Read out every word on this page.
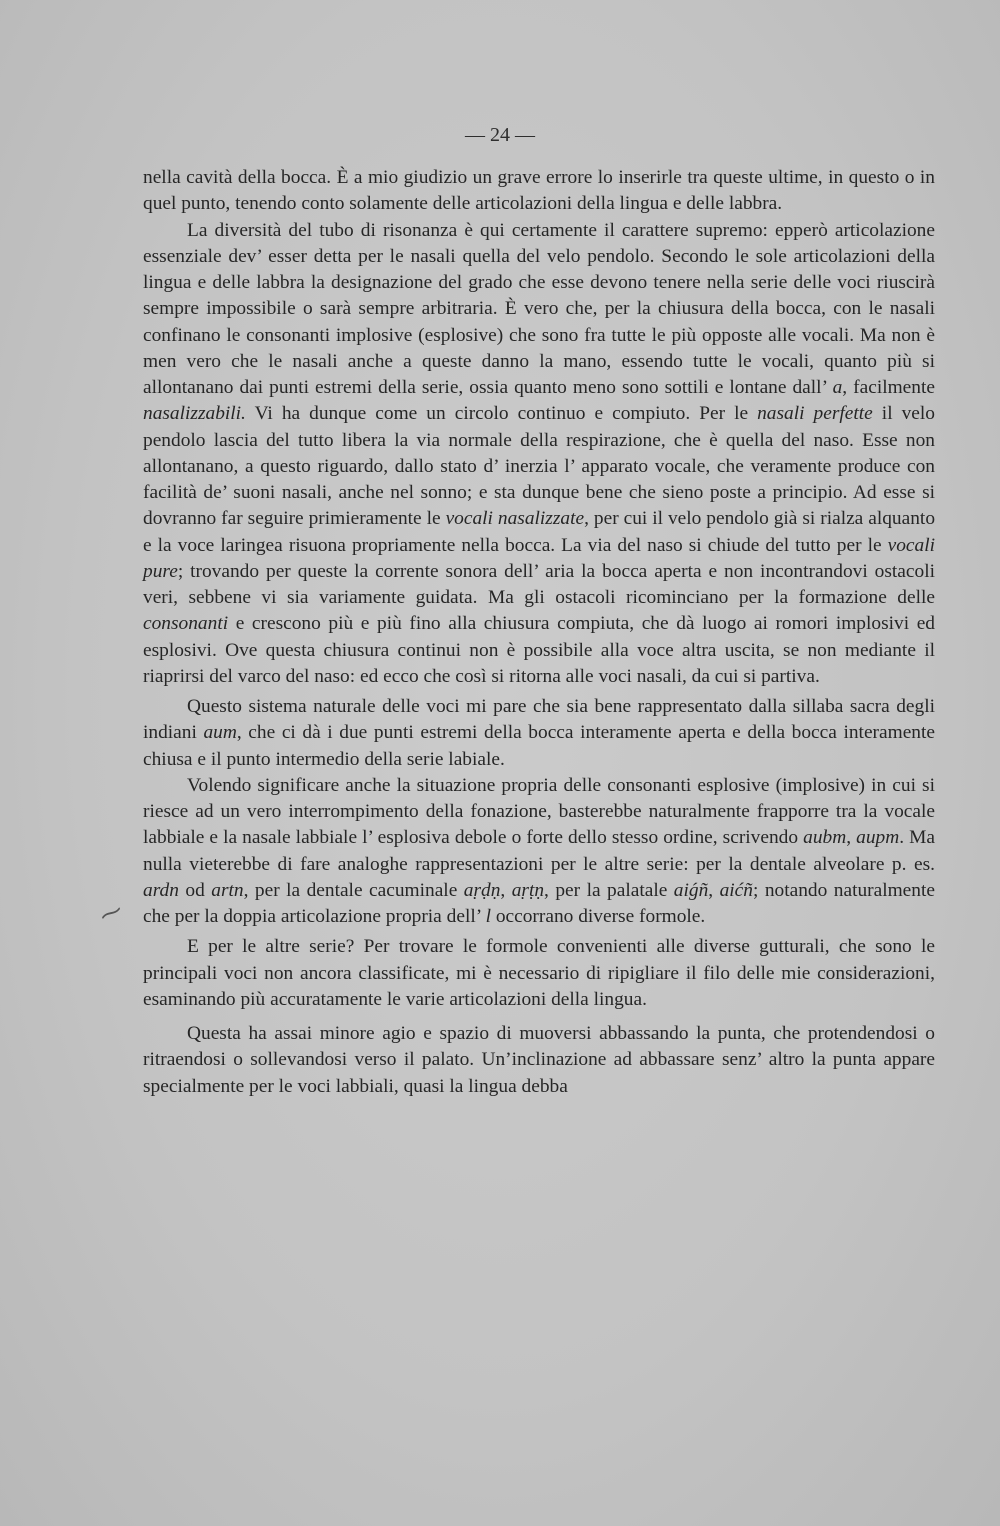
— 24 —
⁓

nella cavità della bocca. È a mio giudizio un grave errore lo inserirle tra queste ultime, in questo o in quel punto, tenendo conto solamente delle articolazioni della lingua e delle labbra.

La diversità del tubo di risonanza è qui certamente il carattere supremo: epperò articolazione essenziale dev’ esser detta per le nasali quella del velo pendolo. Secondo le sole articolazioni della lingua e delle labbra la designazione del grado che esse devono tenere nella serie delle voci riuscirà sempre impossibile o sarà sempre arbitraria. È vero che, per la chiusura della bocca, con le nasali confinano le consonanti implosive (esplosive) che sono fra tutte le più opposte alle vocali. Ma non è men vero che le nasali anche a queste danno la mano, essendo tutte le vocali, quanto più si allontanano dai punti estremi della serie, ossia quanto meno sono sottili e lontane dall’ a, facilmente nasalizzabili. Vi ha dunque come un circolo continuo e compiuto. Per le nasali perfette il velo pendolo lascia del tutto libera la via normale della respirazione, che è quella del naso. Esse non allontanano, a questo riguardo, dallo stato d’ inerzia l’ apparato vocale, che veramente produce con facilità de’ suoni nasali, anche nel sonno; e sta dunque bene che sieno poste a principio. Ad esse si dovranno far seguire primieramente le vocali nasalizzate, per cui il velo pendolo già si rialza alquanto e la voce laringea risuona propriamente nella bocca. La via del naso si chiude del tutto per le vocali pure; trovando per queste la corrente sonora dell’ aria la bocca aperta e non incontrandovi ostacoli veri, sebbene vi sia variamente guidata. Ma gli ostacoli ricominciano per la formazione delle consonanti e crescono più e più fino alla chiusura compiuta, che dà luogo ai romori implosivi ed esplosivi. Ove questa chiusura continui non è possibile alla voce altra uscita, se non mediante il riaprirsi del varco del naso: ed ecco che così si ritorna alle voci nasali, da cui si partiva.

Questo sistema naturale delle voci mi pare che sia bene rappresentato dalla sillaba sacra degli indiani aum, che ci dà i due punti estremi della bocca interamente aperta e della bocca interamente chiusa e il punto intermedio della serie labiale.

Volendo significare anche la situazione propria delle consonanti esplosive (implosive) in cui si riesce ad un vero interrompimento della fonazione, basterebbe naturalmente frapporre tra la vocale labbiale e la nasale labbiale l’ esplosiva debole o forte dello stesso ordine, scrivendo aubm, aupm. Ma nulla vieterebbe di fare analoghe rappresentazioni per le altre serie: per la dentale alveolare p. es. ardn od artn, per la dentale cacuminale aṛḍṇ, aṛṭṇ, per la palatale aiǵñ, aićñ; notando naturalmente che per la doppia articolazione propria dell’ l occorrano diverse formole.

E per le altre serie? Per trovare le formole convenienti alle diverse gutturali, che sono le principali voci non ancora classificate, mi è necessario di ripigliare il filo delle mie considerazioni, esaminando più accuratamente le varie articolazioni della lingua.

Questa ha assai minore agio e spazio di muoversi abbassando la punta, che protendendosi o ritraendosi o sollevandosi verso il palato. Un’inclinazione ad abbassare senz’ altro la punta appare specialmente per le voci labbiali, quasi la lingua debba
